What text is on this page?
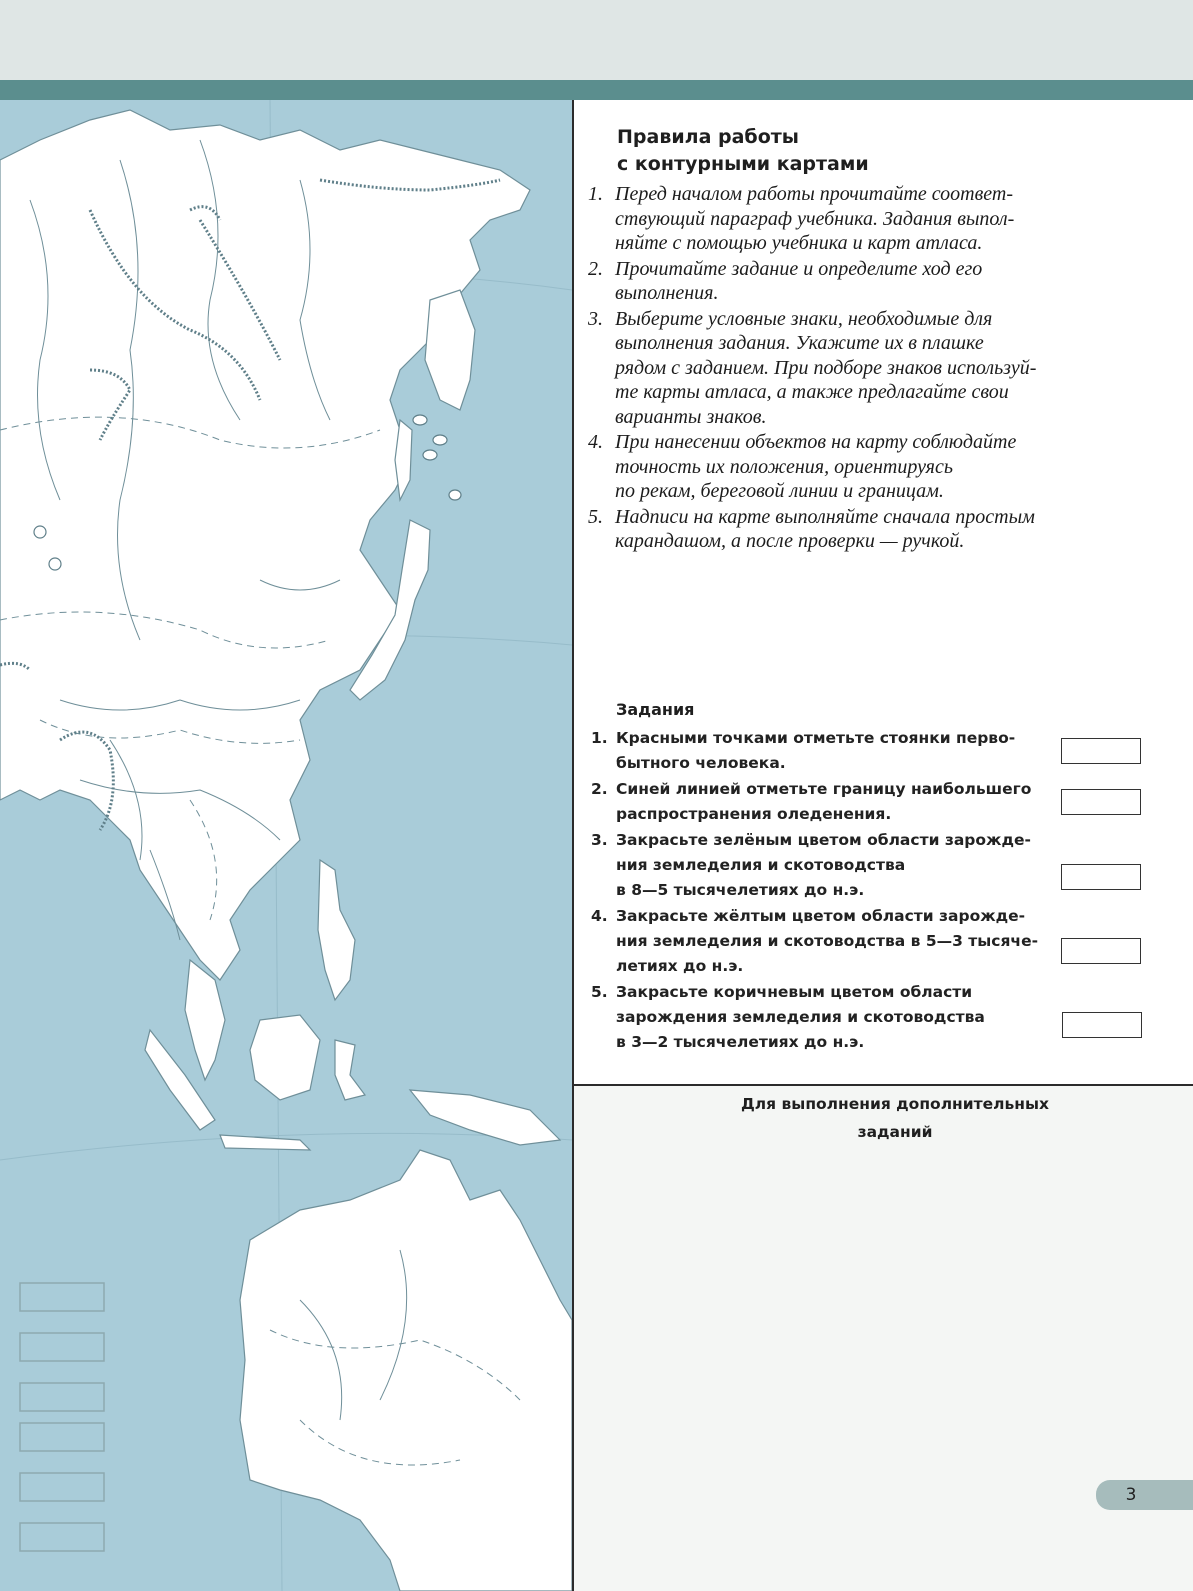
Правила работы
с контурными картами
1. Перед началом работы прочитайте соответ-
ствующий параграф учебника. Задания выпол-
няйте с помощью учебника и карт атласа.
2. Прочитайте задание и определите ход его
выполнения.
3. Выберите условные знаки, необходимые для
выполнения задания. Укажите их в плашке
рядом с заданием. При подборе знаков используй-
те карты атласа, а также предлагайте свои
варианты знаков.
4. При нанесении объектов на карту соблюдайте
точность их положения, ориентируясь
по рекам, береговой линии и границам.
5. Надписи на карте выполняйте сначала простым
карандашом, а после проверки — ручкой.
Задания
1. Красными точками отметьте стоянки перво-
бытного человека.
2. Синей линией отметьте границу наибольшего
распространения оледенения.
3. Закрасьте зелёным цветом области зарожде-
ния земледелия и скотоводства
в 8—5 тысячелетиях до н.э.
4. Закрасьте жёлтым цветом области зарожде-
ния земледелия и скотоводства в 5—3 тысяче-
летиях до н.э.
5. Закрасьте коричневым цветом области
зарождения земледелия и скотоводства
в 3—2 тысячелетиях до н.э.
Для выполнения дополнительных
заданий
3
